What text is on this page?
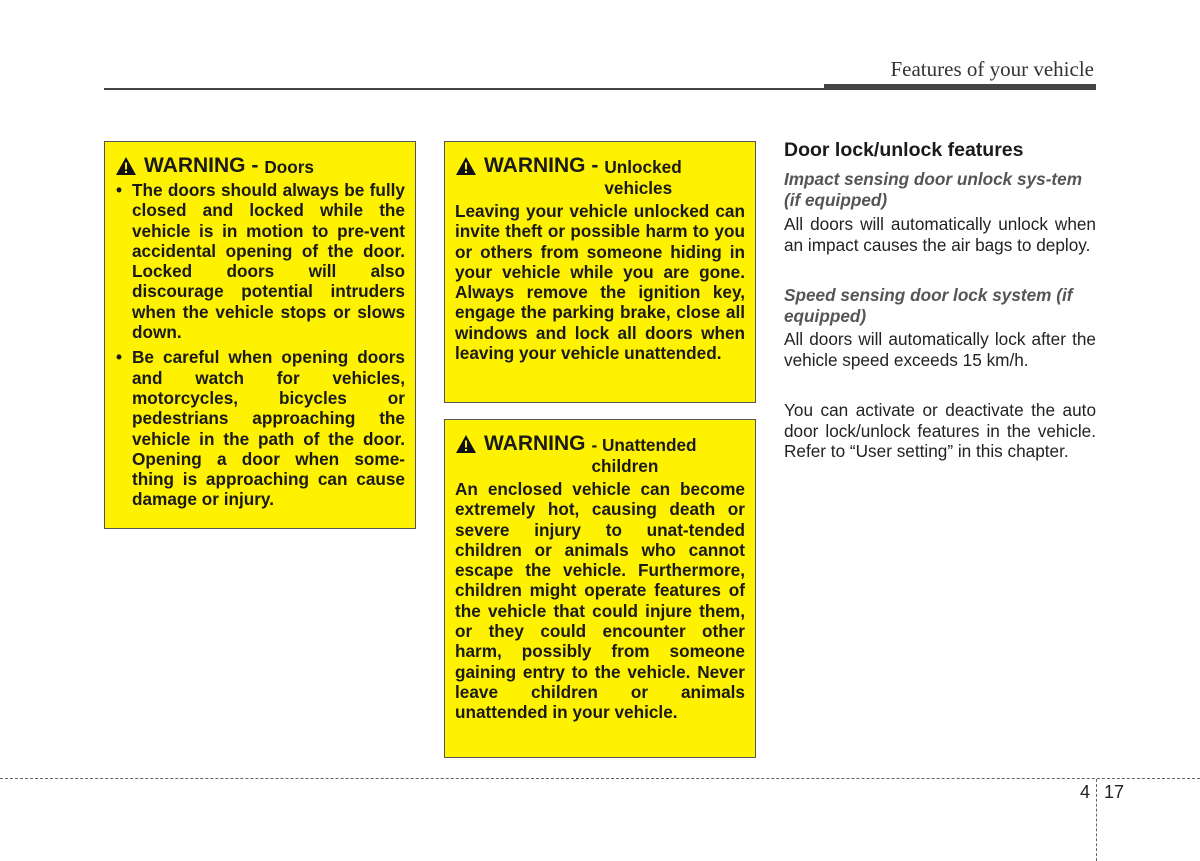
Features of your vehicle
WARNING - Doors
• The doors should always be fully closed and locked while the vehicle is in motion to pre-vent accidental opening of the door. Locked doors will also discourage potential intruders when the vehicle stops or slows down.
• Be careful when opening doors and watch for vehicles, motorcycles, bicycles or pedestrians approaching the vehicle in the path of the door. Opening a door when some-thing is approaching can cause damage or injury.
WARNING - Unlocked vehicles
Leaving your vehicle unlocked can invite theft or possible harm to you or others from someone hiding in your vehicle while you are gone. Always remove the ignition key, engage the parking brake, close all windows and lock all doors when leaving your vehicle unattended.
WARNING - Unattended children
An enclosed vehicle can become extremely hot, causing death or severe injury to unat-tended children or animals who cannot escape the vehicle. Furthermore, children might operate features of the vehicle that could injure them, or they could encounter other harm, possibly from someone gaining entry to the vehicle. Never leave children or animals unattended in your vehicle.
Door lock/unlock features
Impact sensing door unlock sys-tem (if equipped)
All doors will automatically unlock when an impact causes the air bags to deploy.
Speed sensing door lock system (if equipped)
All doors will automatically lock after the vehicle speed exceeds 15 km/h.
You can activate or deactivate the auto door lock/unlock features in the vehicle. Refer to “User setting” in this chapter.
4 17
